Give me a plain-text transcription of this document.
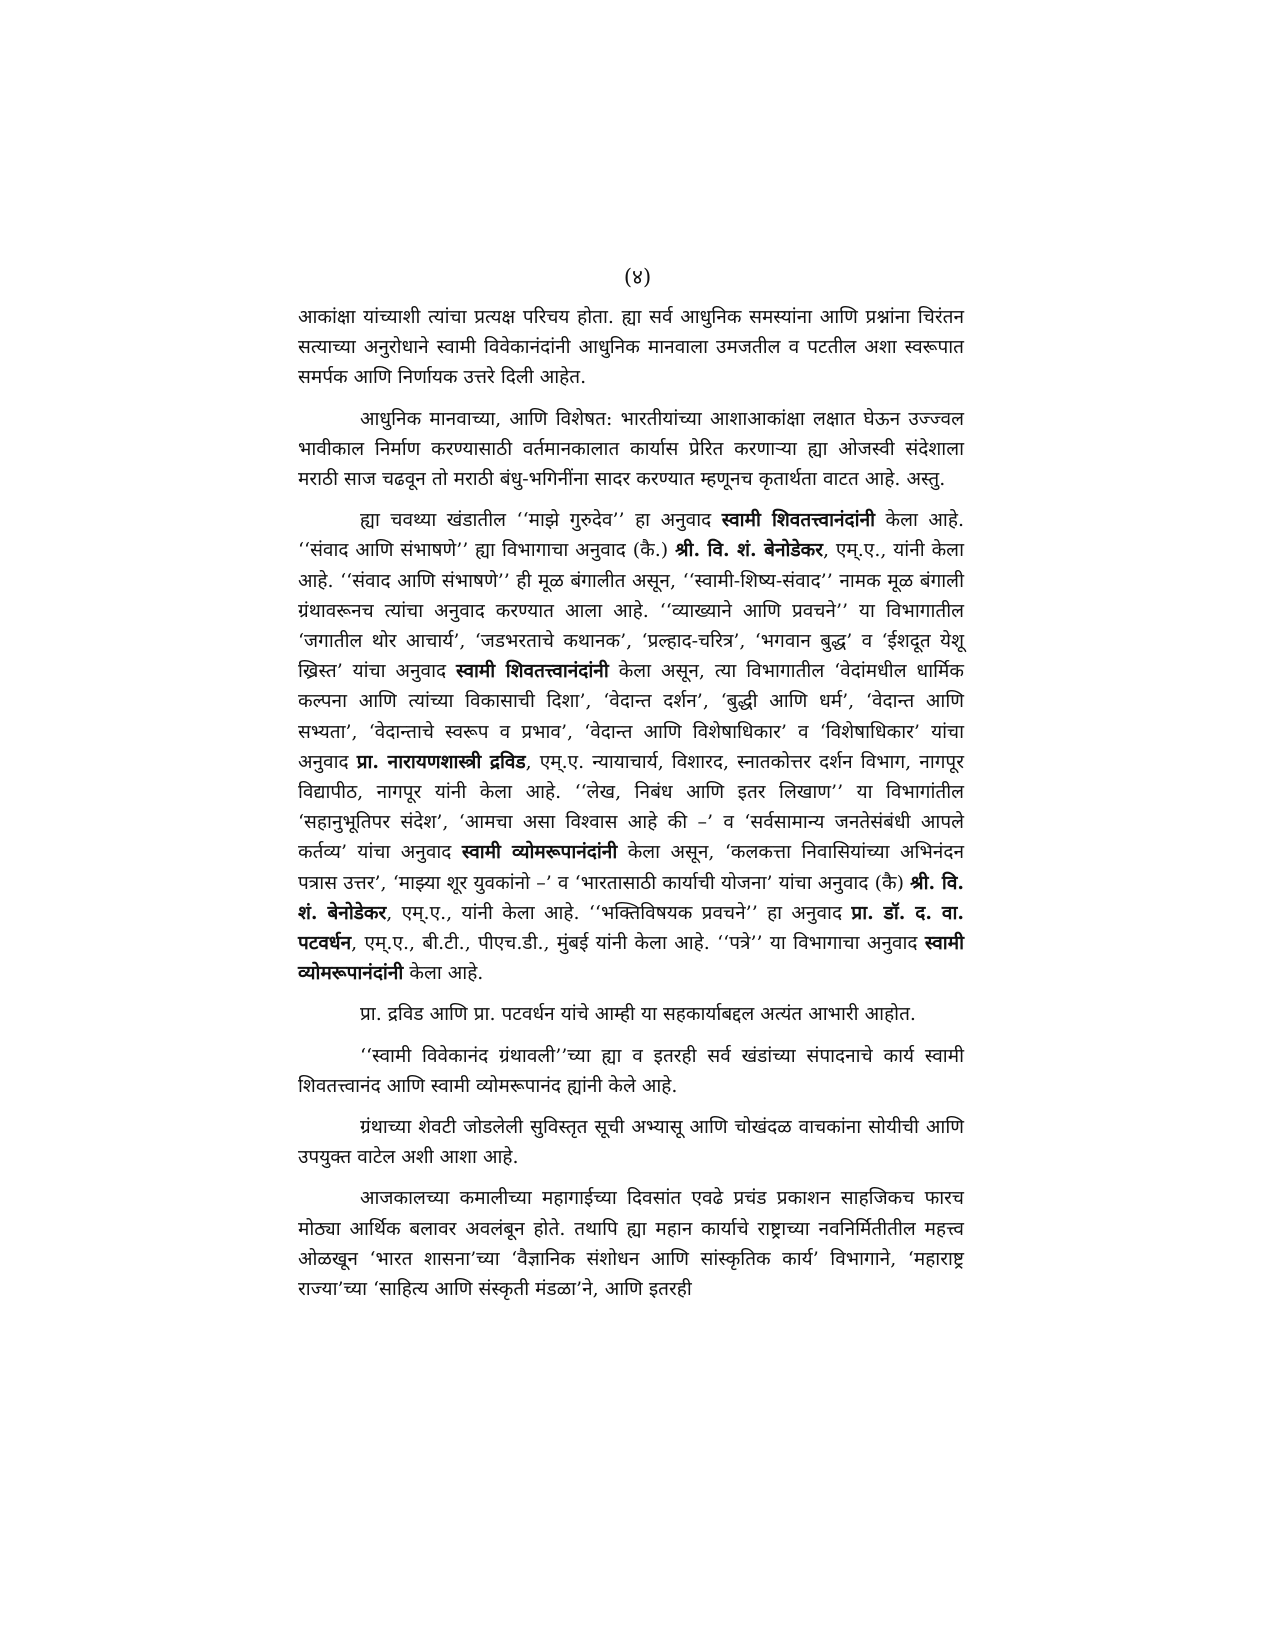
(४)

आकांक्षा यांच्याशी त्यांचा प्रत्यक्ष परिचय होता. ह्या सर्व आधुनिक समस्यांना आणि प्रश्नांना चिरंतन सत्याच्या अनुरोधाने स्वामी विवेकानंदांनी आधुनिक मानवाला उमजतील व पटतील अशा स्वरूपात समर्पक आणि निर्णायक उत्तरे दिली आहेत.

आधुनिक मानवाच्या, आणि विशेषत: भारतीयांच्या आशाआकांक्षा लक्षात घेऊन उज्ज्वल भावीकाल निर्माण करण्यासाठी वर्तमानकालात कार्यास प्रेरित करणाऱ्या ह्या ओजस्वी संदेशाला मराठी साज चढवून तो मराठी बंधु-भगिनींना सादर करण्यात म्हणूनच कृतार्थता वाटत आहे. अस्तु.

ह्या चवथ्या खंडातील ‘‘माझे गुरुदेव’’ हा अनुवाद स्वामी शिवतत्त्वानंदांनी केला आहे. ‘‘संवाद आणि संभाषणे’’ ह्या विभागाचा अनुवाद (कै.) श्री. वि. शं. बेनोडेकर, एम्.ए., यांनी केला आहे. ‘‘संवाद आणि संभाषणे’’ ही मूळ बंगालीत असून, ‘‘स्वामी-शिष्य-संवाद’’ नामक मूळ बंगाली ग्रंथावरूनच त्यांचा अनुवाद करण्यात आला आहे. ‘‘व्याख्याने आणि प्रवचने’’ या विभागातील ‘जगातील थोर आचार्य’, ‘जडभरताचे कथानक’, ‘प्रल्हाद-चरित्र’, ‘भगवान बुद्ध’ व ‘ईशदूत येशू ख्रिस्त’ यांचा अनुवाद स्वामी शिवतत्त्वानंदांनी केला असून, त्या विभागातील ‘वेदांमधील धार्मिक कल्पना आणि त्यांच्या विकासाची दिशा’, ‘वेदान्त दर्शन’, ‘बुद्धी आणि धर्म’, ‘वेदान्त आणि सभ्यता’, ‘वेदान्ताचे स्वरूप व प्रभाव’, ‘वेदान्त आणि विशेषाधिकार’ व ‘विशेषाधिकार’ यांचा अनुवाद प्रा. नारायणशास्त्री द्रविड, एम्.ए. न्यायाचार्य, विशारद, स्नातकोत्तर दर्शन विभाग, नागपूर विद्यापीठ, नागपूर यांनी केला आहे. ‘‘लेख, निबंध आणि इतर लिखाण’’ या विभागांतील ‘सहानुभूतिपर संदेश’, ‘आमचा असा विश्वास आहे की –’ व ‘सर्वसामान्य जनतेसंबंधी आपले कर्तव्य’ यांचा अनुवाद स्वामी व्योमरूपानंदांनी केला असून, ‘कलकत्ता निवासियांच्या अभिनंदन पत्रास उत्तर’, ‘माझ्या शूर युवकांनो –’ व ‘भारतासाठी कार्याची योजना’ यांचा अनुवाद (कै) श्री. वि. शं. बेनोडेकर, एम्.ए., यांनी केला आहे. ‘‘भक्तिविषयक प्रवचने’’ हा अनुवाद प्रा. डॉ. द. वा. पटवर्धन, एम्.ए., बी.टी., पीएच.डी., मुंबई यांनी केला आहे. ‘‘पत्रे’’ या विभागाचा अनुवाद स्वामी व्योमरूपानंदांनी केला आहे.

प्रा. द्रविड आणि प्रा. पटवर्धन यांचे आम्ही या सहकार्याबद्दल अत्यंत आभारी आहोत.

‘‘स्वामी विवेकानंद ग्रंथावली’’च्या ह्या व इतरही सर्व खंडांच्या संपादनाचे कार्य स्वामी शिवतत्त्वानंद आणि स्वामी व्योमरूपानंद ह्यांनी केले आहे.

ग्रंथाच्या शेवटी जोडलेली सुविस्तृत सूची अभ्यासू आणि चोखंदळ वाचकांना सोयीची आणि उपयुक्त वाटेल अशी आशा आहे.

आजकालच्या कमालीच्या महागाईच्या दिवसांत एवढे प्रचंड प्रकाशन साहजिकच फारच मोठ्या आर्थिक बलावर अवलंबून होते. तथापि ह्या महान कार्याचे राष्ट्राच्या नवनिर्मितीतील महत्त्व ओळखून ‘भारत शासना’च्या ‘वैज्ञानिक संशोधन आणि सांस्कृतिक कार्य’ विभागाने, ‘महाराष्ट्र राज्या’च्या ‘साहित्य आणि संस्कृती मंडळा’ने, आणि इतरही
